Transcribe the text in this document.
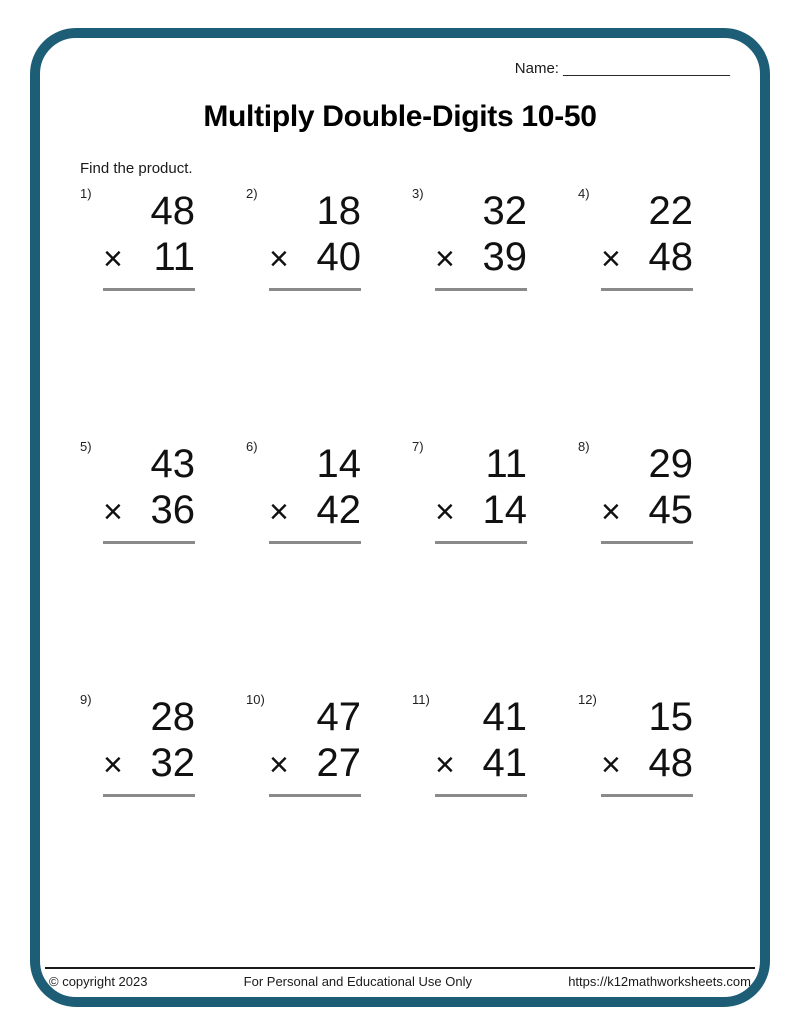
Name: ____________________
Multiply Double-Digits 10-50
Find the product.
1)	48
× 11
2)	18
× 40
3)	32
× 39
4)	22
× 48
5)	43
× 36
6)	14
× 42
7)	11
× 14
8)	29
× 45
9)	28
× 32
10)	47
× 27
11)	41
× 41
12)	15
× 48
© copyright 2023	For Personal and Educational Use Only	https://k12mathworksheets.com
